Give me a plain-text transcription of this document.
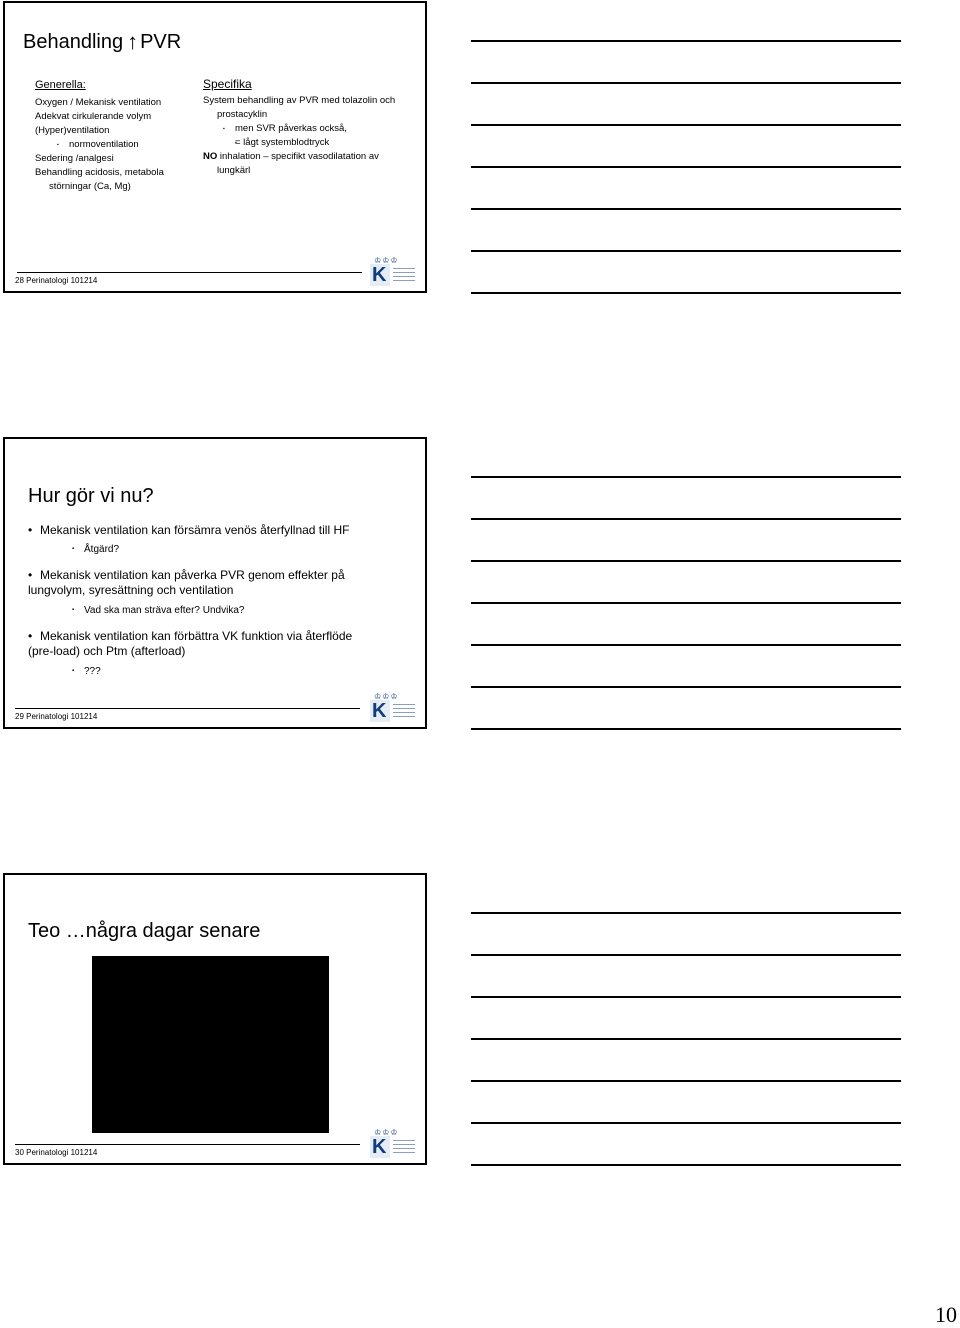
Behandling ↑ PVR
Generella:
Oxygen / Mekanisk ventilation
Adekvat cirkulerande volym
(Hyper)ventilation
▪ normoventilation
Sedering /analgesi
Behandling acidosis, metabola
störningar (Ca, Mg)
Specifika
System behandling av PVR med tolazolin och
prostacyklin
▪ men SVR påverkas också,
▪ = lågt systemblodtryck
NO inhalation – specifikt vasodilatation av
lungkärl
28 Perinatologi 101214
♔♔♔
K
Hur gör vi nu?
• Mekanisk ventilation kan försämra venös återfyllnad till HF
▪ Åtgärd?
• Mekanisk ventilation kan påverka PVR genom effekter på
lungvolym, syresättning och ventilation
▪ Vad ska man sträva efter? Undvika?
• Mekanisk ventilation kan förbättra VK funktion via återflöde
(pre-load) och Ptm (afterload)
▪ ???
29 Perinatologi 101214
♔♔♔
K
Teo …några dagar senare
30 Perinatologi 101214
♔♔♔
K
10
